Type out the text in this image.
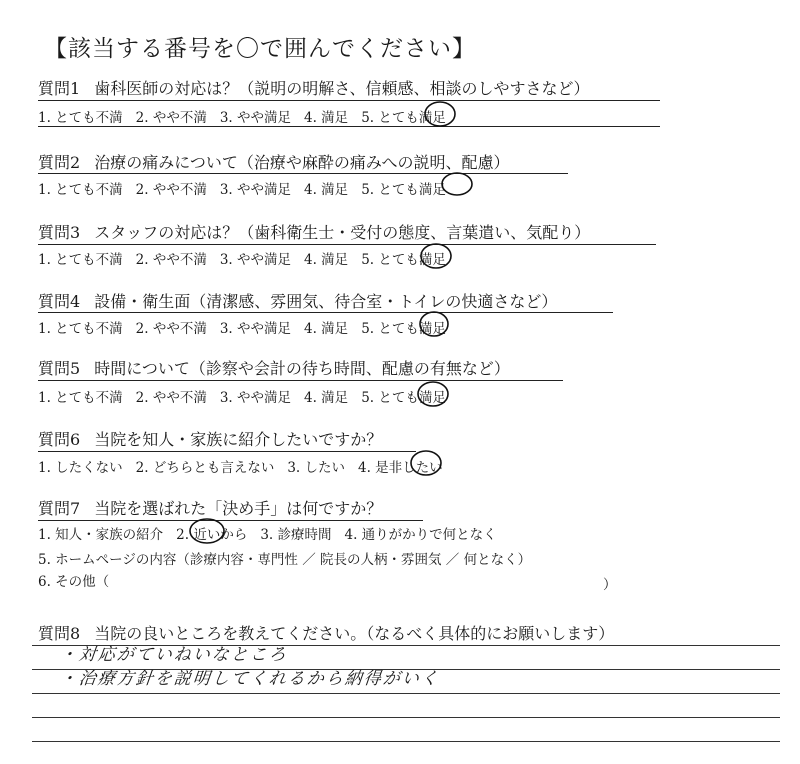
【該当する番号を〇で囲んでください】
質問1 歯科医師の対応は？（説明の明解さ、信頼感、相談のしやすさなど）
1. とても不満 2. やや不満 3. やや満足 4. 満足 5. とても満足
質問2 治療の痛みについて（治療や麻酔の痛みへの説明、配慮）
1. とても不満 2. やや不満 3. やや満足 4. 満足 5. とても満足
質問3 スタッフの対応は？（歯科衛生士・受付の態度、言葉遣い、気配り）
1. とても不満 2. やや不満 3. やや満足 4. 満足 5. とても満足
質問4 設備・衛生面（清潔感、雰囲気、待合室・トイレの快適さなど）
1. とても不満 2. やや不満 3. やや満足 4. 満足 5. とても満足
質問5 時間について（診察や会計の待ち時間、配慮の有無など）
1. とても不満 2. やや不満 3. やや満足 4. 満足 5. とても満足
質問6 当院を知人・家族に紹介したいですか？
1. したくない 2. どちらとも言えない 3. したい 4. 是非したい
質問7 当院を選ばれた「決め手」は何ですか？
1. 知人・家族の紹介 2. 近いから 3. 診療時間 4. 通りがかりで何となく
5. ホームページの内容（診療内容・専門性 ／ 院長の人柄・雰囲気 ／ 何となく）
6. その他（	）
質問8 当院の良いところを教えてください。（なるべく具体的にお願いします）
・対応がていねいなところ
・治療方針を説明してくれるから納得がいく
